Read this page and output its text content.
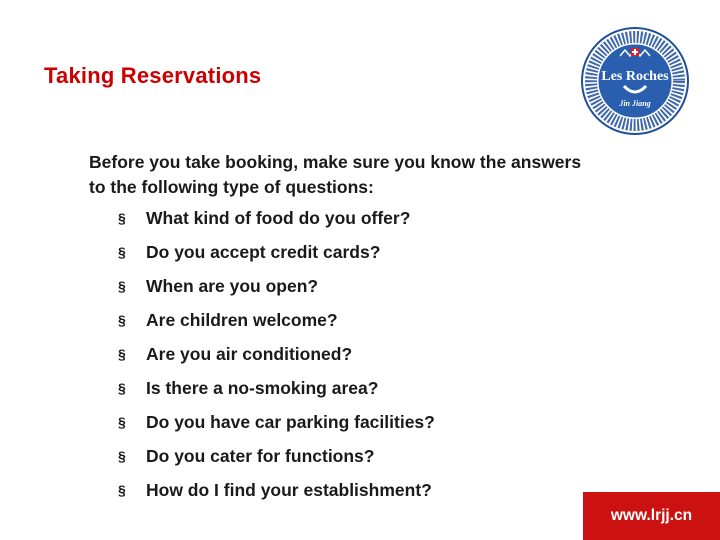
Taking Reservations
Before you take booking, make sure you know the answers to the following type of questions:
§	What kind of food do you offer?
§	Do you accept credit cards?
§	When are you open?
§	Are children welcome?
§	Are you air conditioned?
§	Is there a no-smoking area?
§	Do you have car parking facilities?
§	Do you cater for functions?
§	How do I find your establishment?
Les Roches
Jin Jiang
www.lrjj.cn
